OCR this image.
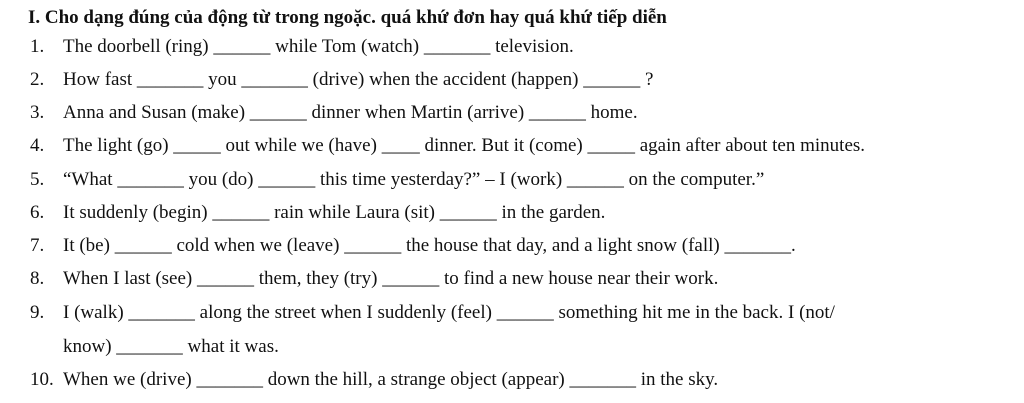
I. Cho dạng đúng của động từ trong ngoặc. quá khứ đơn hay quá khứ tiếp diễn
1. The doorbell (ring) ______ while Tom (watch) _______ television.
2. How fast _______ you _______ (drive) when the accident (happen) ______ ?
3. Anna and Susan (make) ______ dinner when Martin (arrive) ______ home.
4. The light (go) _____ out while we (have) ____ dinner. But it (come) _____ again after about ten minutes.
5. “What _______ you (do) ______ this time yesterday?” – I (work) ______ on the computer.”
6. It suddenly (begin) ______ rain while Laura (sit) ______ in the garden.
7. It (be) ______ cold when we (leave) ______ the house that day, and a light snow (fall) _______.
8. When I last (see) ______ them, they (try) ______ to find a new house near their work.
9. I (walk) _______ along the street when I suddenly (feel) ______ something hit me in the back. I (not/
know) _______ what it was.
10. When we (drive) _______ down the hill, a strange object (appear) _______ in the sky.
